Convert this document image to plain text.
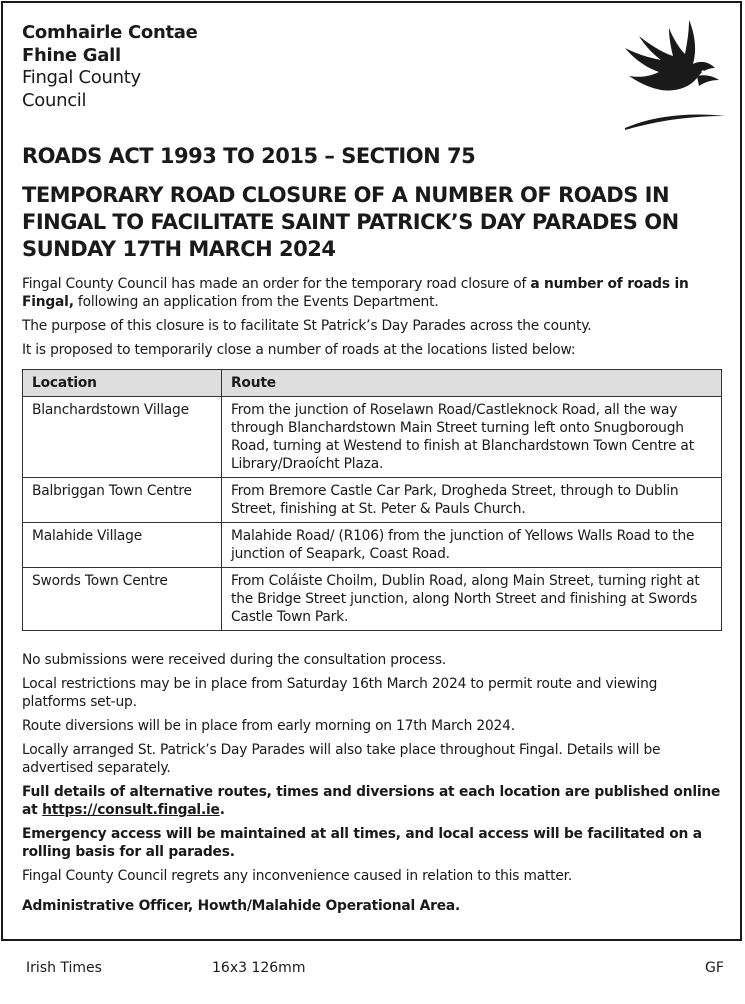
Comhairle Contae
Fhine Gall
Fingal County
Council
ROADS ACT 1993 TO 2015 – SECTION 75
TEMPORARY ROAD CLOSURE OF A NUMBER OF ROADS IN FINGAL TO FACILITATE SAINT PATRICK’S DAY PARADES ON SUNDAY 17TH MARCH 2024

Fingal County Council has made an order for the temporary road closure of a number of roads in Fingal, following an application from the Events Department.

The purpose of this closure is to facilitate St Patrick’s Day Parades across the county.

It is proposed to temporarily close a number of roads at the locations listed below:

Location	Route
Blanchardstown Village	From the junction of Roselawn Road/Castleknock Road, all the way through Blanchardstown Main Street turning left onto Snugborough Road, turning at Westend to finish at Blanchardstown Town Centre at Library/Draoícht Plaza.
Balbriggan Town Centre	From Bremore Castle Car Park, Drogheda Street, through to Dublin Street, finishing at St. Peter & Pauls Church.
Malahide Village	Malahide Road/ (R106) from the junction of Yellows Walls Road to the junction of Seapark, Coast Road.
Swords Town Centre	From Coláiste Choilm, Dublin Road, along Main Street, turning right at the Bridge Street junction, along North Street and finishing at Swords Castle Town Park.

No submissions were received during the consultation process.

Local restrictions may be in place from Saturday 16th March 2024 to permit route and viewing platforms set-up.

Route diversions will be in place from early morning on 17th March 2024.

Locally arranged St. Patrick’s Day Parades will also take place throughout Fingal. Details will be advertised separately.

Full details of alternative routes, times and diversions at each location are published online at https://consult.fingal.ie.

Emergency access will be maintained at all times, and local access will be facilitated on a rolling basis for all parades.

Fingal County Council regrets any inconvenience caused in relation to this matter.

Administrative Officer, Howth/Malahide Operational Area.

Irish Times	16x3 126mm	GF
